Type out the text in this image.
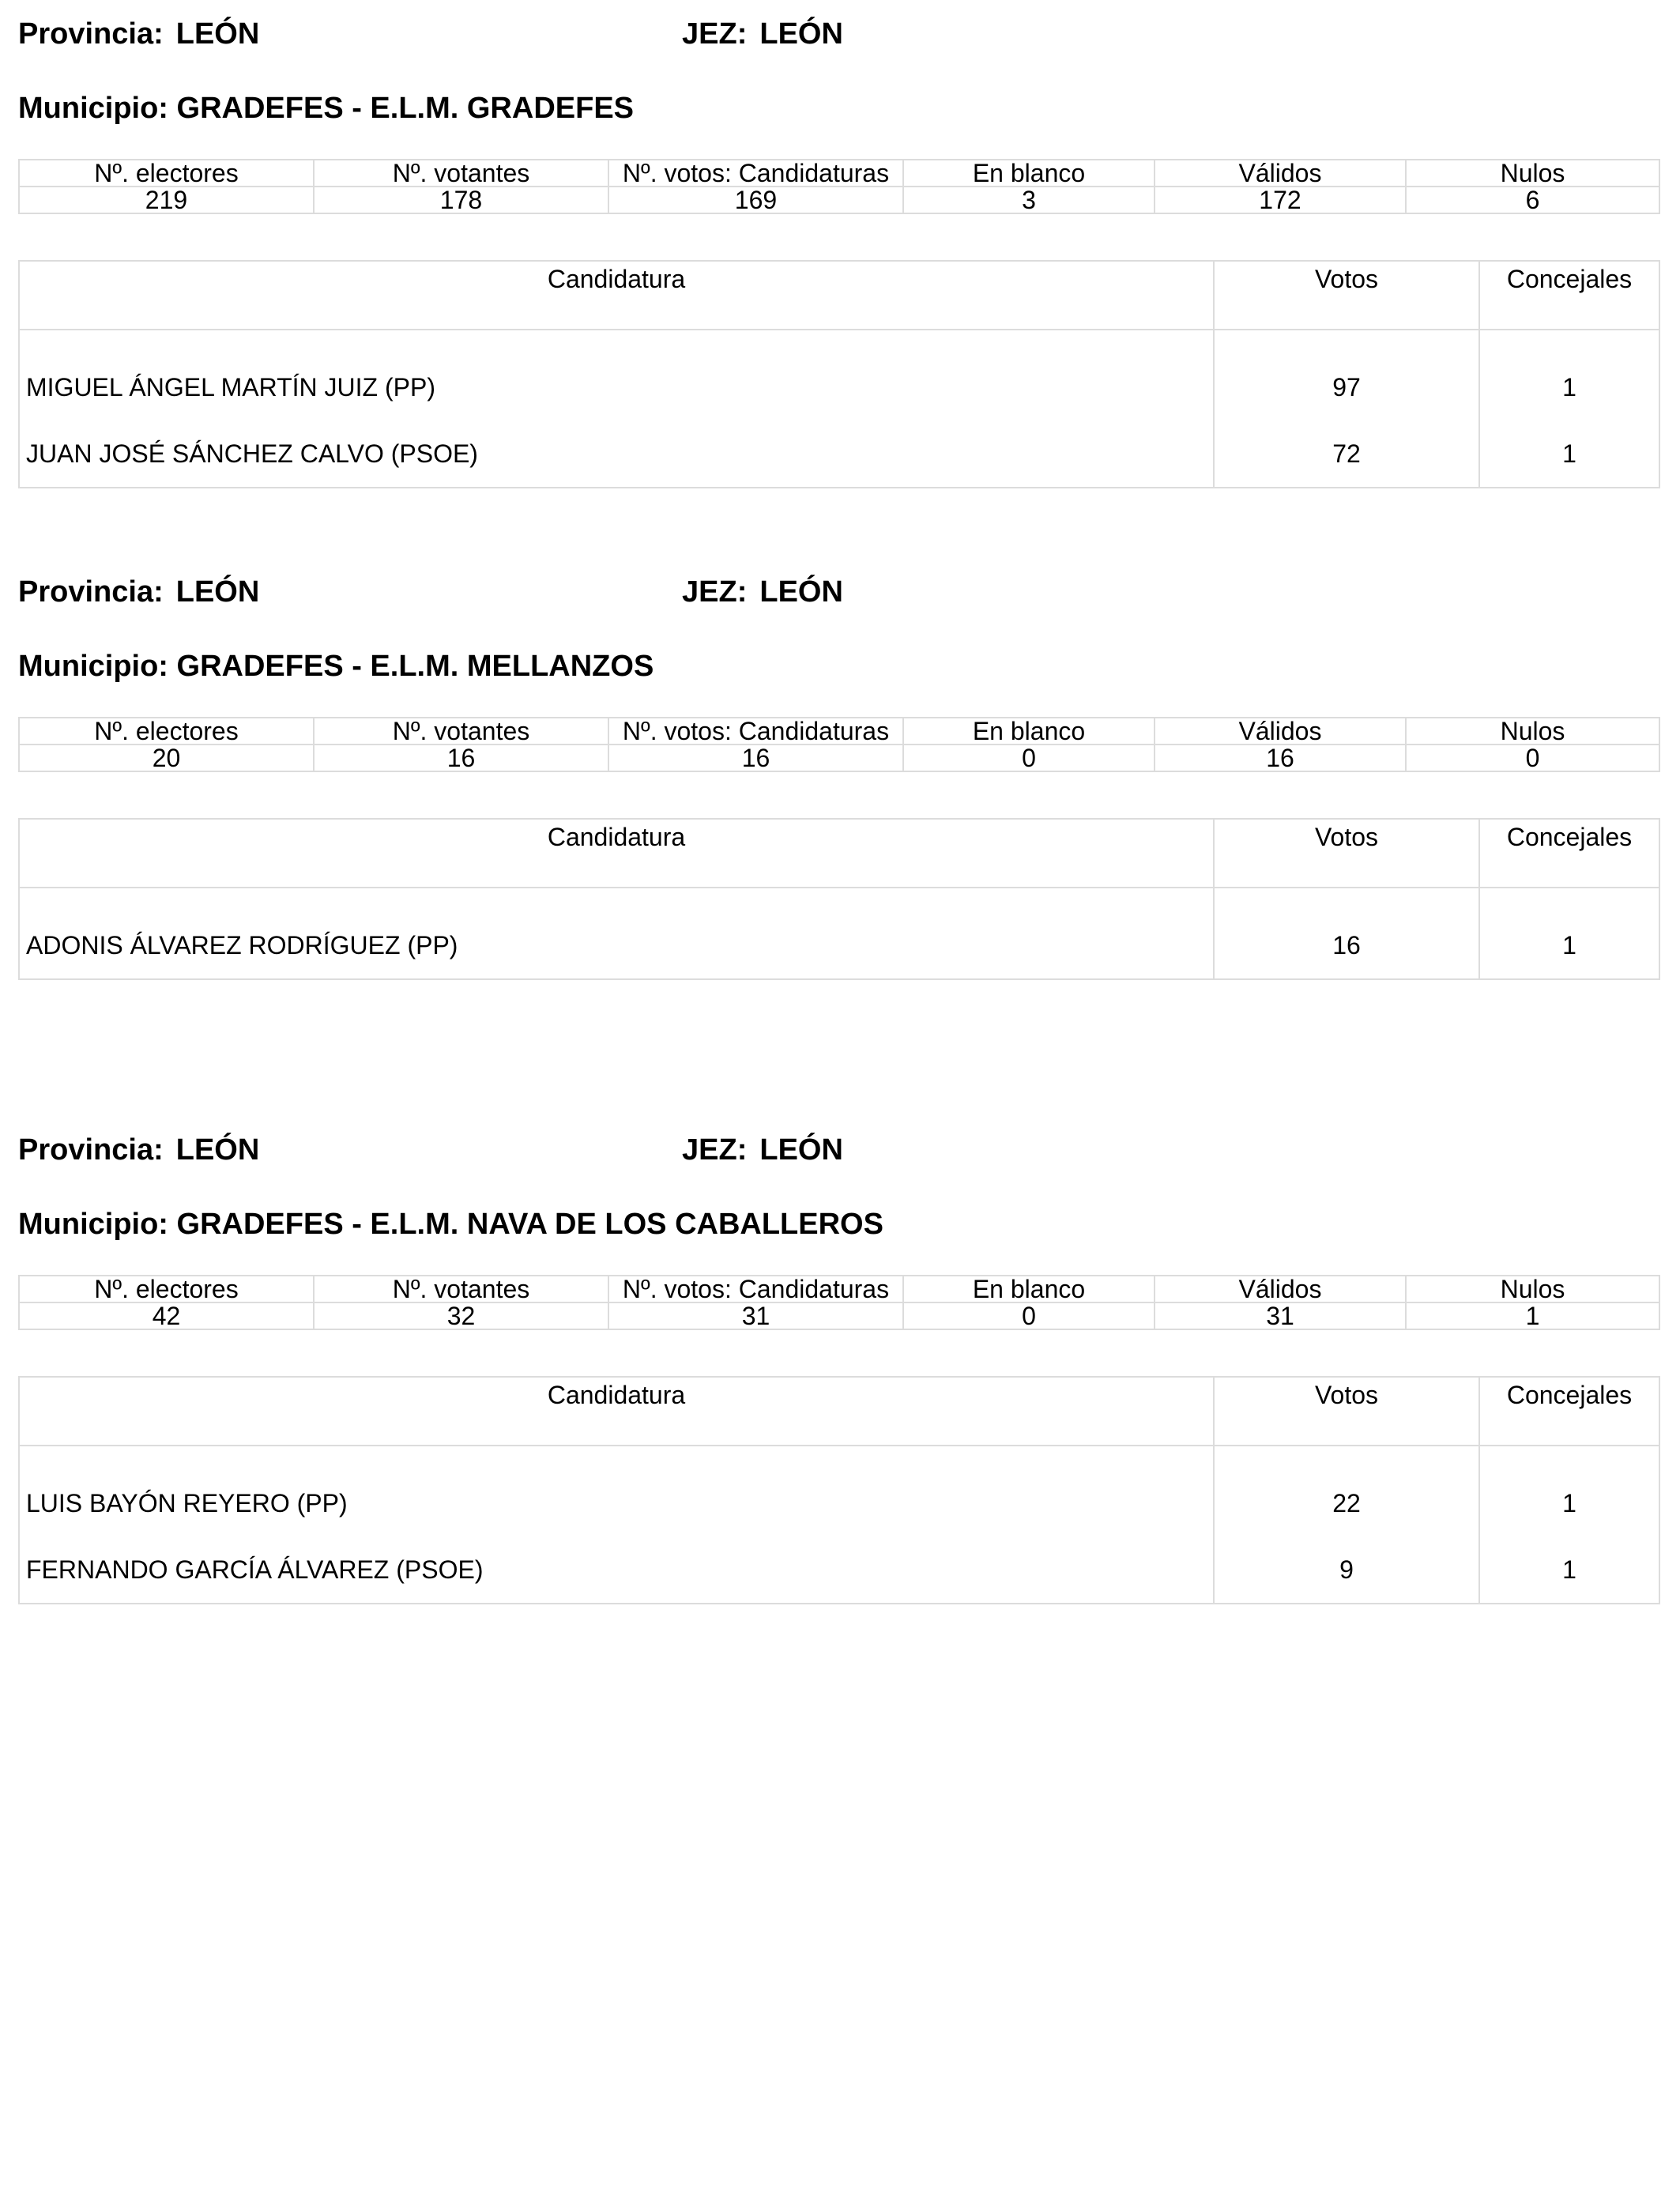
Provincia: LEÓN	JEZ: LEÓN
Municipio: GRADEFES - E.L.M. GRADEFES
Nº. electores	Nº. votantes	Nº. votos: Candidaturas	En blanco	Válidos	Nulos
219	178	169	3	172	6
Candidatura	Votos	Concejales
MIGUEL ÁNGEL MARTÍN JUIZ (PP)	97	1
JUAN JOSÉ SÁNCHEZ CALVO (PSOE)	72	1
Provincia: LEÓN	JEZ: LEÓN
Municipio: GRADEFES - E.L.M. MELLANZOS
Nº. electores	Nº. votantes	Nº. votos: Candidaturas	En blanco	Válidos	Nulos
20	16	16	0	16	0
Candidatura	Votos	Concejales
ADONIS ÁLVAREZ RODRÍGUEZ (PP)	16	1
Provincia: LEÓN	JEZ: LEÓN
Municipio: GRADEFES - E.L.M. NAVA DE LOS CABALLEROS
Nº. electores	Nº. votantes	Nº. votos: Candidaturas	En blanco	Válidos	Nulos
42	32	31	0	31	1
Candidatura	Votos	Concejales
LUIS BAYÓN REYERO (PP)	22	1
FERNANDO GARCÍA ÁLVAREZ (PSOE)	9	1
